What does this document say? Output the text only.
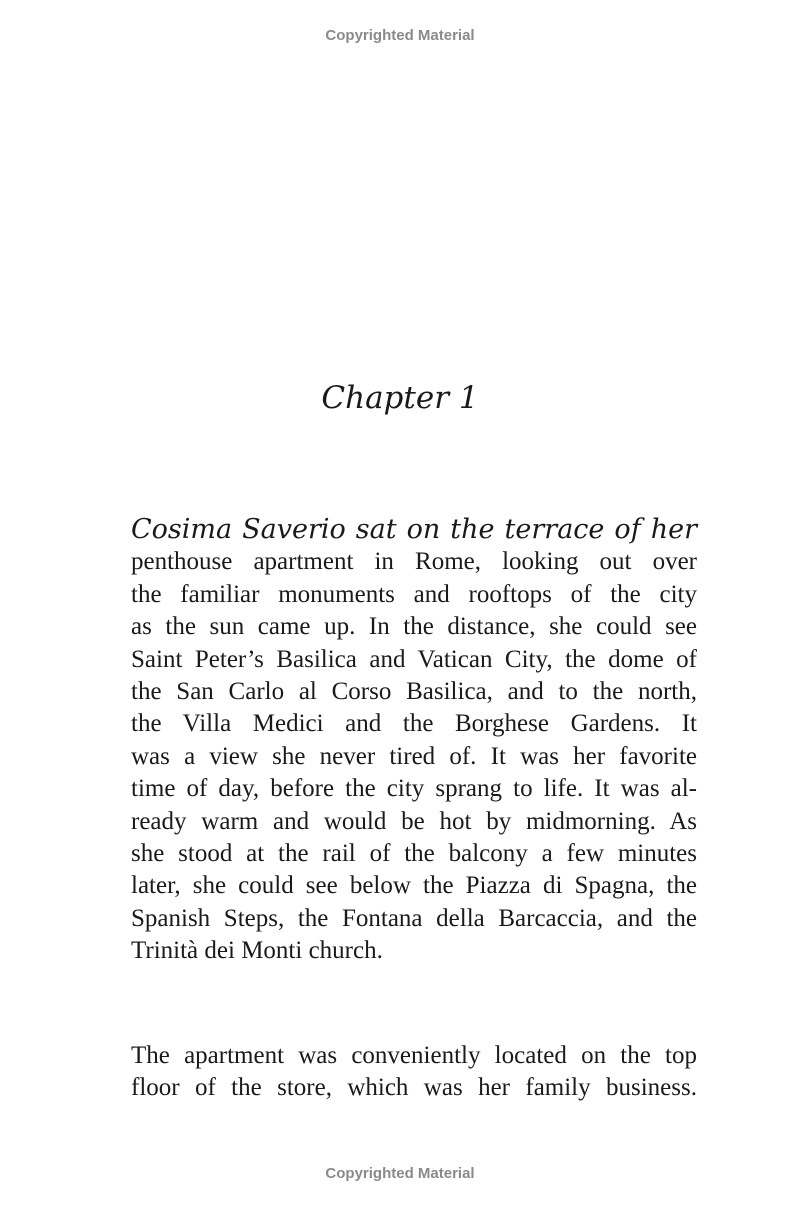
Copyrighted Material
Chapter 1
Cosima Saverio sat on the terrace of her
penthouse apartment in Rome, looking out over
the familiar monuments and rooftops of the city
as the sun came up. In the distance, she could see
Saint Peter’s Basilica and Vatican City, the dome of
the San Carlo al Corso Basilica, and to the north,
the Villa Medici and the Borghese Gardens. It
was a view she never tired of. It was her favorite
time of day, before the city sprang to life. It was al-
ready warm and would be hot by midmorning. As
she stood at the rail of the balcony a few minutes
later, she could see below the Piazza di Spagna, the
Spanish Steps, the Fontana della Barcaccia, and the
Trinità dei Monti church.
The apartment was conveniently located on the top
floor of the store, which was her family business.
Copyrighted Material
